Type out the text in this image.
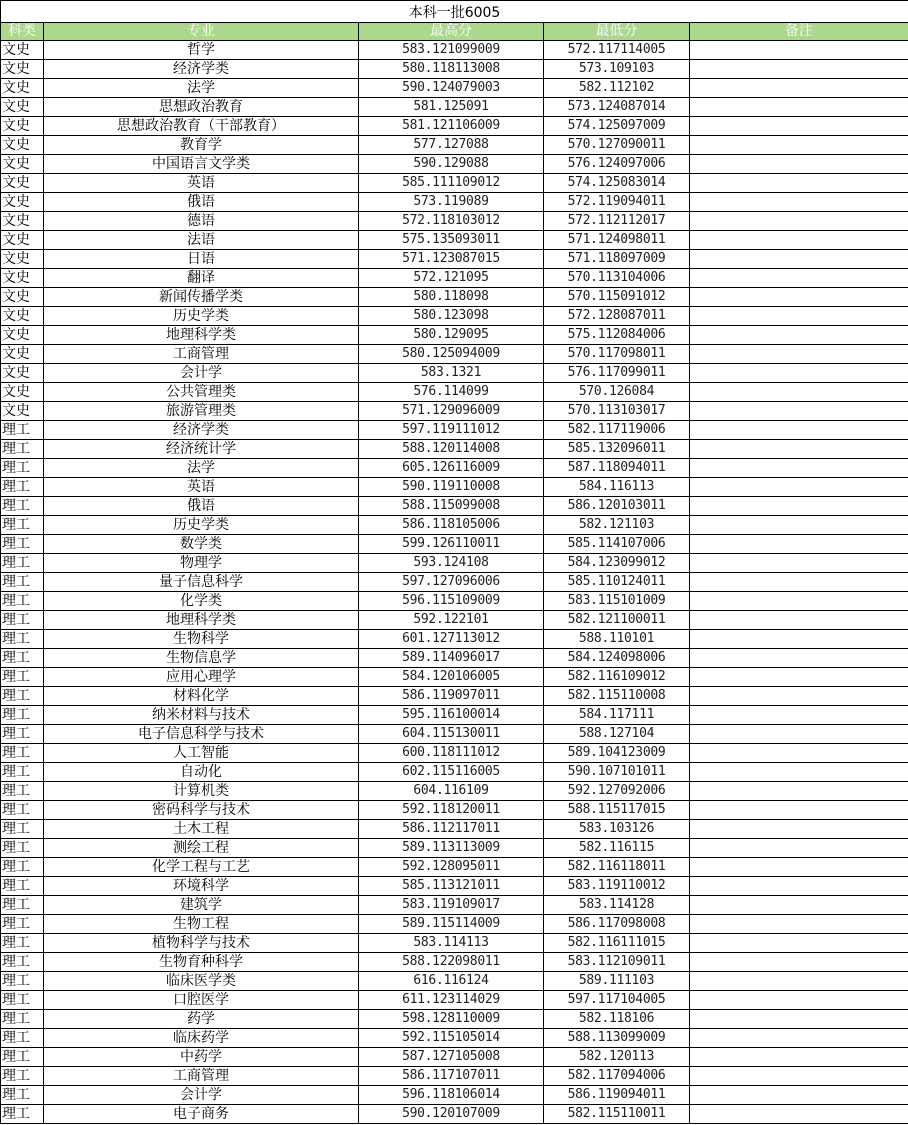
本科一批6005				
科类	专业	最高分	最低分	备注
文史	哲学	583.121099009	572.117114005	
文史	经济学类	580.118113008	573.109103	
文史	法学	590.124079003	582.112102	
文史	思想政治教育	581.125091	573.124087014	
文史	思想政治教育（干部教育）	581.121106009	574.125097009	
文史	教育学	577.127088	570.127090011	
文史	中国语言文学类	590.129088	576.124097006	
文史	英语	585.111109012	574.125083014	
文史	俄语	573.119089	572.119094011	
文史	德语	572.118103012	572.112112017	
文史	法语	575.135093011	571.124098011	
文史	日语	571.123087015	571.118097009	
文史	翻译	572.121095	570.113104006	
文史	新闻传播学类	580.118098	570.115091012	
文史	历史学类	580.123098	572.128087011	
文史	地理科学类	580.129095	575.112084006	
文史	工商管理	580.125094009	570.117098011	
文史	会计学	583.1321	576.117099011	
文史	公共管理类	576.114099	570.126084	
文史	旅游管理类	571.129096009	570.113103017	
理工	经济学类	597.119111012	582.117119006	
理工	经济统计学	588.120114008	585.132096011	
理工	法学	605.126116009	587.118094011	
理工	英语	590.119110008	584.116113	
理工	俄语	588.115099008	586.120103011	
理工	历史学类	586.118105006	582.121103	
理工	数学类	599.126110011	585.114107006	
理工	物理学	593.124108	584.123099012	
理工	量子信息科学	597.127096006	585.110124011	
理工	化学类	596.115109009	583.115101009	
理工	地理科学类	592.122101	582.121100011	
理工	生物科学	601.127113012	588.110101	
理工	生物信息学	589.114096017	584.124098006	
理工	应用心理学	584.120106005	582.116109012	
理工	材料化学	586.119097011	582.115110008	
理工	纳米材料与技术	595.116100014	584.117111	
理工	电子信息科学与技术	604.115130011	588.127104	
理工	人工智能	600.118111012	589.104123009	
理工	自动化	602.115116005	590.107101011	
理工	计算机类	604.116109	592.127092006	
理工	密码科学与技术	592.118120011	588.115117015	
理工	土木工程	586.112117011	583.103126	
理工	测绘工程	589.113113009	582.116115	
理工	化学工程与工艺	592.128095011	582.116118011	
理工	环境科学	585.113121011	583.119110012	
理工	建筑学	583.119109017	583.114128	
理工	生物工程	589.115114009	586.117098008	
理工	植物科学与技术	583.114113	582.116111015	
理工	生物育种科学	588.122098011	583.112109011	
理工	临床医学类	616.116124	589.111103	
理工	口腔医学	611.123114029	597.117104005	
理工	药学	598.128110009	582.118106	
理工	临床药学	592.115105014	588.113099009	
理工	中药学	587.127105008	582.120113	
理工	工商管理	586.117107011	582.117094006	
理工	会计学	596.118106014	586.119094011	
理工	电子商务	590.120107009	582.115110011	
